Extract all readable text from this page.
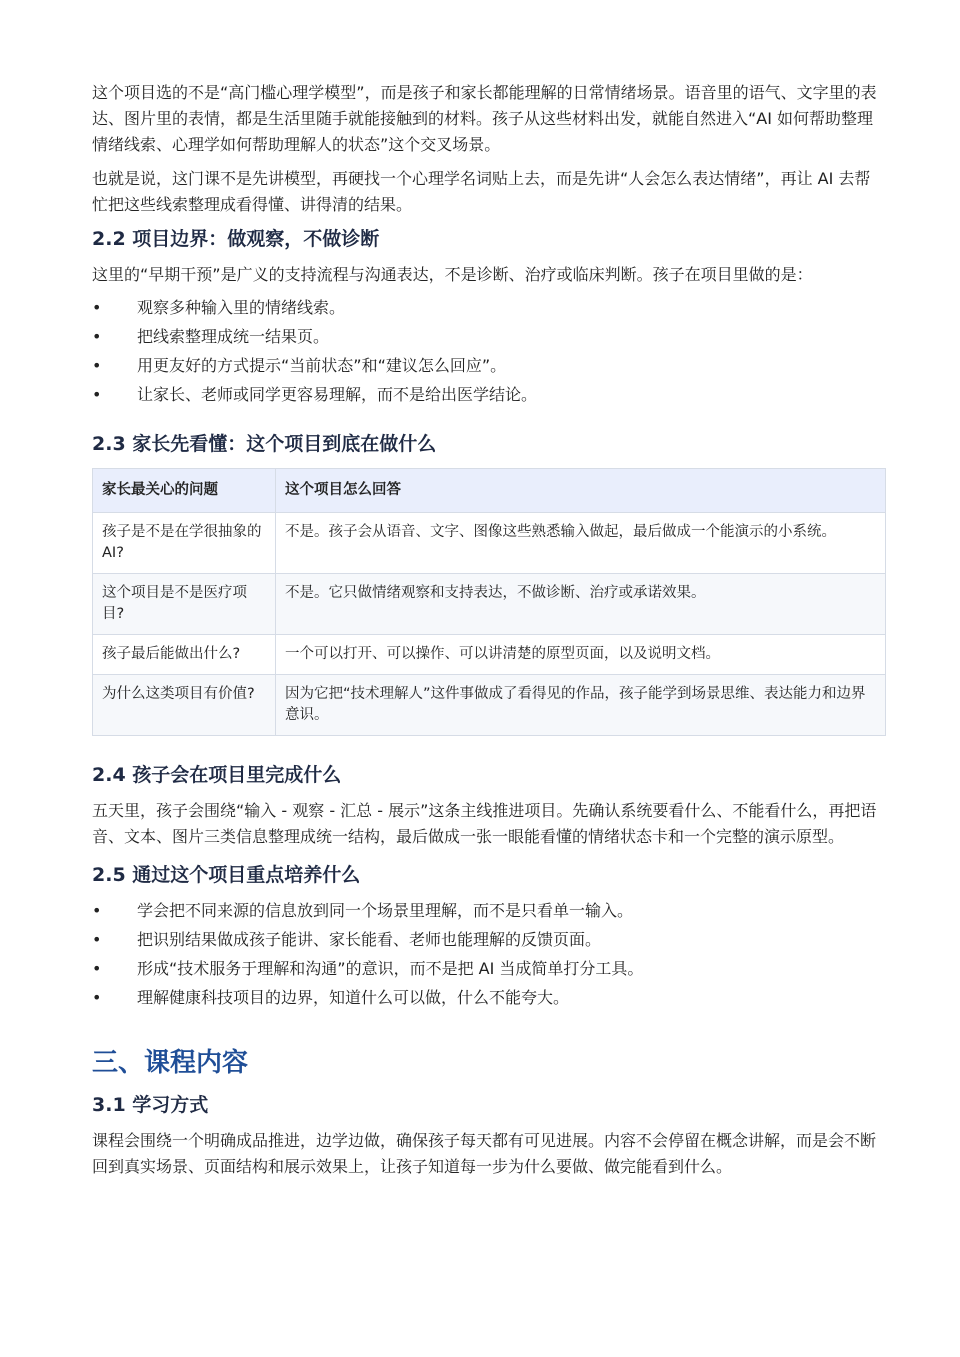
这个项目选的不是“高门槛心理学模型”，而是孩子和家长都能理解的日常情绪场景。语音里的语气、文字里的表达、图片里的表情，都是生活里随手就能接触到的材料。孩子从这些材料出发，就能自然进入“AI 如何帮助整理情绪线索、心理学如何帮助理解人的状态”这个交叉场景。

也就是说，这门课不是先讲模型，再硬找一个心理学名词贴上去，而是先讲“人会怎么表达情绪”，再让 AI 去帮忙把这些线索整理成看得懂、讲得清的结果。

2.2 项目边界：做观察，不做诊断

这里的“早期干预”是广义的支持流程与沟通表达，不是诊断、治疗或临床判断。孩子在项目里做的是：

• 观察多种输入里的情绪线索。
• 把线索整理成统一结果页。
• 用更友好的方式提示“当前状态”和“建议怎么回应”。
• 让家长、老师或同学更容易理解，而不是给出医学结论。
2.3 家长先看懂：这个项目到底在做什么
家长最关心的问题	这个项目怎么回答
孩子是不是在学很抽象的 AI?	不是。孩子会从语音、文字、图像这些熟悉输入做起，最后做成一个能演示的小系统。
这个项目是不是医疗项目?	不是。它只做情绪观察和支持表达，不做诊断、治疗或承诺效果。
孩子最后能做出什么?	一个可以打开、可以操作、可以讲清楚的原型页面，以及说明文档。
为什么这类项目有价值?	因为它把“技术理解人”这件事做成了看得见的作品，孩子能学到场景思维、表达能力和边界意识。
2.4 孩子会在项目里完成什么

五天里，孩子会围绕“输入 - 观察 - 汇总 - 展示”这条主线推进项目。先确认系统要看什么、不能看什么，再把语音、文本、图片三类信息整理成统一结构，最后做成一张一眼能看懂的情绪状态卡和一个完整的演示原型。

2.5 通过这个项目重点培养什么
• 学会把不同来源的信息放到同一个场景里理解，而不是只看单一输入。
• 把识别结果做成孩子能讲、家长能看、老师也能理解的反馈页面。
• 形成“技术服务于理解和沟通”的意识，而不是把 AI 当成简单打分工具。
• 理解健康科技项目的边界，知道什么可以做，什么不能夸大。
三、课程内容
3.1 学习方式

课程会围绕一个明确成品推进，边学边做，确保孩子每天都有可见进展。内容不会停留在概念讲解，而是会不断回到真实场景、页面结构和展示效果上，让孩子知道每一步为什么要做、做完能看到什么。
